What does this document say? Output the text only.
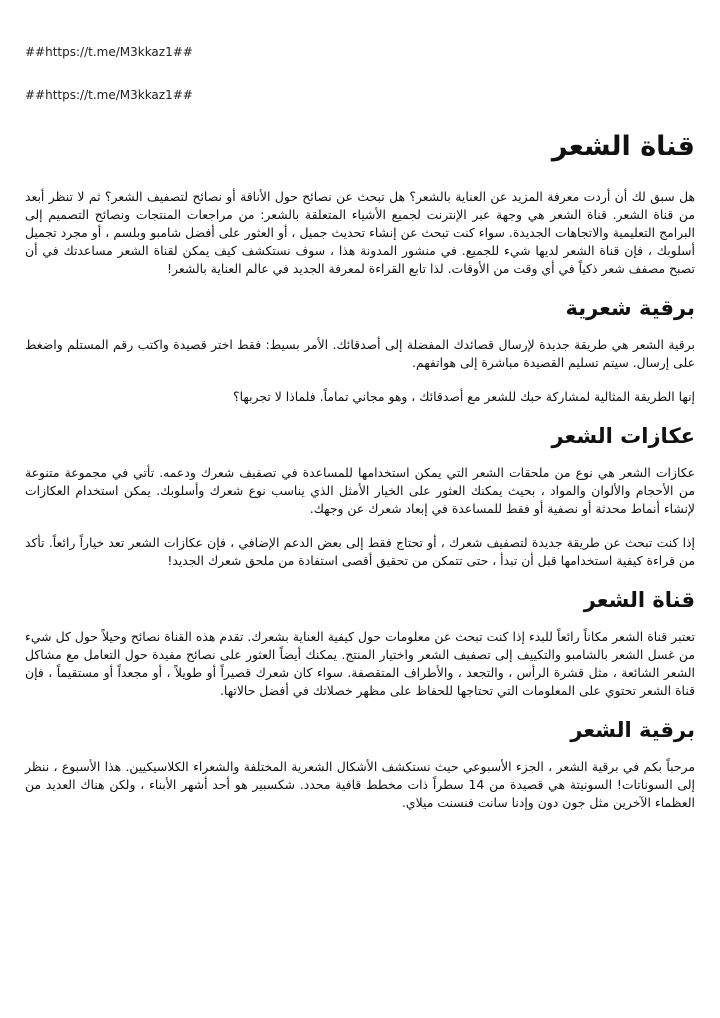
##https://t.me/M3kkaz1##
##https://t.me/M3kkaz1##
قناة الشعر

هل سبق لك أن أردت معرفة المزيد عن العناية بالشعر؟ هل تبحث عن نصائح حول الأناقة أو نصائح لتصفيف الشعر؟ ثم لا تنظر أبعد من قناة الشعر. قناة الشعر هي وجهة عبر الإنترنت لجميع الأشياء المتعلقة بالشعر: من مراجعات المنتجات ونصائح التصميم إلى البرامج التعليمية والاتجاهات الجديدة. سواء كنت تبحث عن إنشاء تحديث جميل ، أو العثور على أفضل شامبو وبلسم ، أو مجرد تجميل أسلوبك ، فإن قناة الشعر لديها شيء للجميع. في منشور المدونة هذا ، سوف نستكشف كيف يمكن لقناة الشعر مساعدتك في أن تصبح مصفف شعر ذكياً في أي وقت من الأوقات. لذا تابع القراءة لمعرفة الجديد في عالم العناية بالشعر!

برقية شعرية

برقية الشعر هي طريقة جديدة لإرسال قصائدك المفضلة إلى أصدقائك. الأمر بسيط: فقط اختر قصيدة واكتب رقم المستلم واضغط على إرسال. سيتم تسليم القصيدة مباشرة إلى هواتفهم.

إنها الطريقة المثالية لمشاركة حبك للشعر مع أصدقائك ، وهو مجاني تماماً. فلماذا لا تجربها؟

عكازات الشعر

عكازات الشعر هي نوع من ملحقات الشعر التي يمكن استخدامها للمساعدة في تصفيف شعرك ودعمه. تأتي في مجموعة متنوعة من الأحجام والألوان والمواد ، بحيث يمكنك العثور على الخيار الأمثل الذي يناسب نوع شعرك وأسلوبك. يمكن استخدام العكازات لإنشاء أنماط محدثة أو نصفية أو فقط للمساعدة في إبعاد شعرك عن وجهك.

إذا كنت تبحث عن طريقة جديدة لتصفيف شعرك ، أو تحتاج فقط إلى بعض الدعم الإضافي ، فإن عكازات الشعر تعد خياراً رائعاً. تأكد من قراءة كيفية استخدامها قبل أن تبدأ ، حتى تتمكن من تحقيق أقصى استفادة من ملحق شعرك الجديد!

قناة الشعر

تعتبر قناة الشعر مكاناً رائعاً للبدء إذا كنت تبحث عن معلومات حول كيفية العناية بشعرك. تقدم هذه القناة نصائح وحيلاً حول كل شيء من غسل الشعر بالشامبو والتكييف إلى تصفيف الشعر واختيار المنتج. يمكنك أيضاً العثور على نصائح مفيدة حول التعامل مع مشاكل الشعر الشائعة ، مثل قشرة الرأس ، والتجعد ، والأطراف المتقصفة. سواء كان شعرك قصيراً أو طويلاً ، أو مجعداً أو مستقيماً ، فإن قناة الشعر تحتوي على المعلومات التي تحتاجها للحفاظ على مظهر خصلاتك في أفضل حالاتها.

برقية الشعر

مرحباً بكم في برقية الشعر ، الجزء الأسبوعي حيث نستكشف الأشكال الشعرية المختلفة والشعراء الكلاسيكيين. هذا الأسبوع ، ننظر إلى السوناتات! السونيتة هي قصيدة من 14 سطراً ذات مخطط قافية محدد. شكسبير هو أحد أشهر الأبناء ، ولكن هناك العديد من العظماء الآخرين مثل جون دون وإدنا سانت فنسنت ميلاي.
